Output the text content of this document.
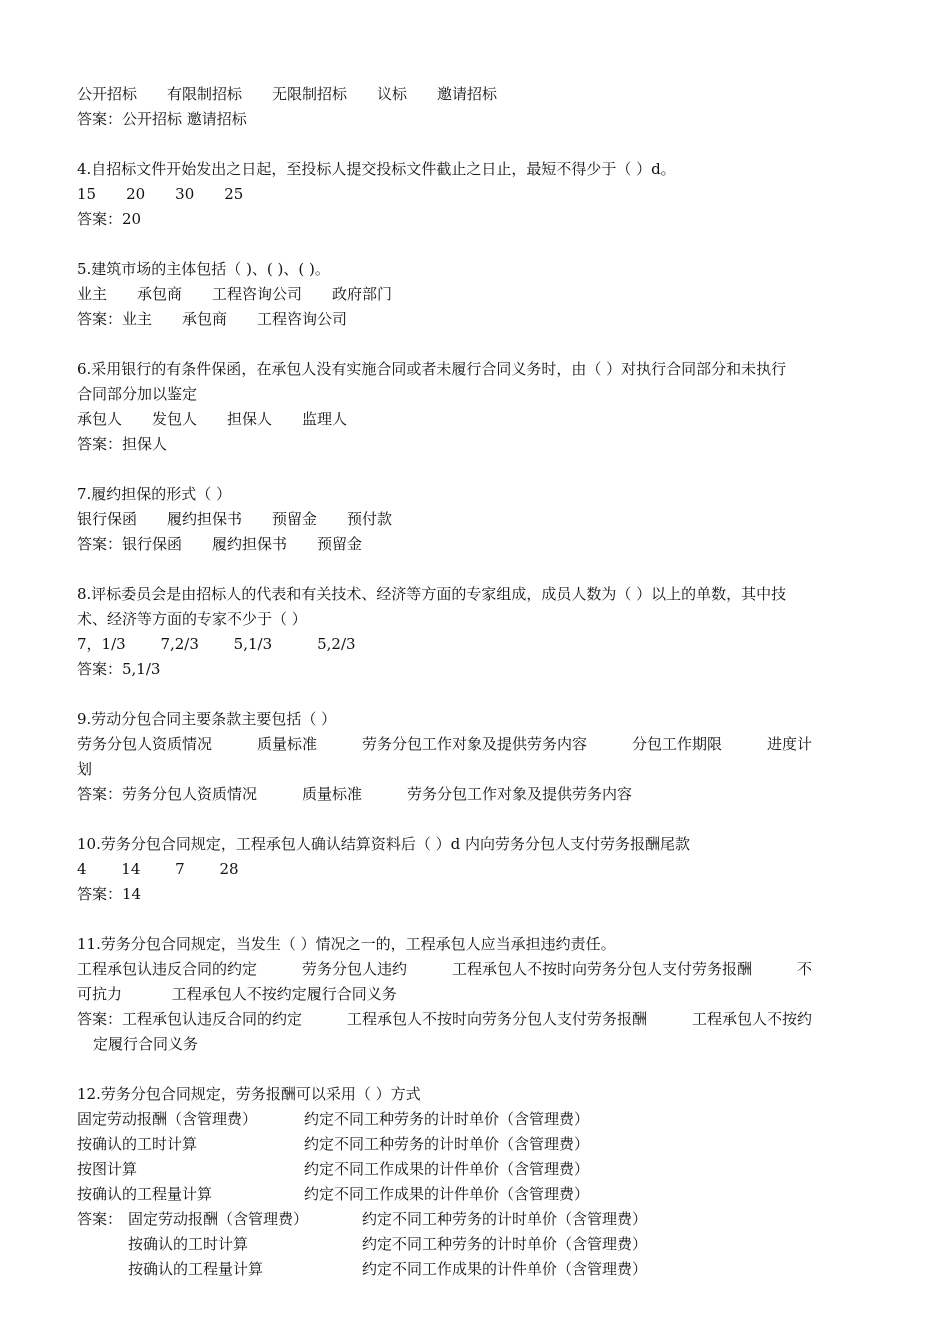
公开招标　　有限制招标　　无限制招标　　议标　　邀请招标
答案：公开招标 邀请招标
4.自招标文件开始发出之日起，至投标人提交投标文件截止之日止，最短不得少于（ ）d。
15　　20　　30　　25
答案：20
5.建筑市场的主体包括（ )、( )、( )。
业主　　承包商　　工程咨询公司　　政府部门
答案：业主　　承包商　　工程咨询公司
6.采用银行的有条件保函，在承包人没有实施合同或者未履行合同义务时，由（ ）对执行合同部分和未执行
合同部分加以鉴定
承包人　　发包人　　担保人　　监理人
答案：担保人
7.履约担保的形式（ ）
银行保函　　履约担保书　　预留金　　预付款
答案：银行保函　　履约担保书　　预留金
8.评标委员会是由招标人的代表和有关技术、经济等方面的专家组成，成员人数为（ ）以上的单数，其中技
术、经济等方面的专家不少于（ ）
7，1/3　　 7,2/3　　 5,1/3　　　5,2/3
答案：5,1/3
9.劳动分包合同主要条款主要包括（ ）
劳务分包人资质情况　　　质量标准　　　劳务分包工作对象及提供劳务内容　　　分包工作期限　　　进度计
划
答案：劳务分包人资质情况　　　质量标准　　　劳务分包工作对象及提供劳务内容
10.劳务分包合同规定，工程承包人确认结算资料后（ ）d 内向劳务分包人支付劳务报酬尾款
4　　 14　　 7　　 28
答案：14
11.劳务分包合同规定，当发生（ ）情况之一的，工程承包人应当承担违约责任。
工程承包认违反合同的约定　　　劳务分包人违约　　　工程承包人不按时向劳务分包人支付劳务报酬　　　不
可抗力　　　 工程承包人不按约定履行合同义务
答案：工程承包认违反合同的约定　　　工程承包人不按时向劳务分包人支付劳务报酬　　　工程承包人不按约
定履行合同义务
12.劳务分包合同规定，劳务报酬可以采用（ ）方式
固定劳动报酬（含管理费）	约定不同工种劳务的计时单价（含管理费）
按确认的工时计算	约定不同工种劳务的计时单价（含管理费）
按图计算	约定不同工作成果的计件单价（含管理费）
按确认的工程量计算	约定不同工作成果的计件单价（含管理费）
答案： 固定劳动报酬（含管理费）	约定不同工种劳务的计时单价（含管理费）
按确认的工时计算	约定不同工种劳务的计时单价（含管理费）
按确认的工程量计算	约定不同工作成果的计件单价（含管理费）
